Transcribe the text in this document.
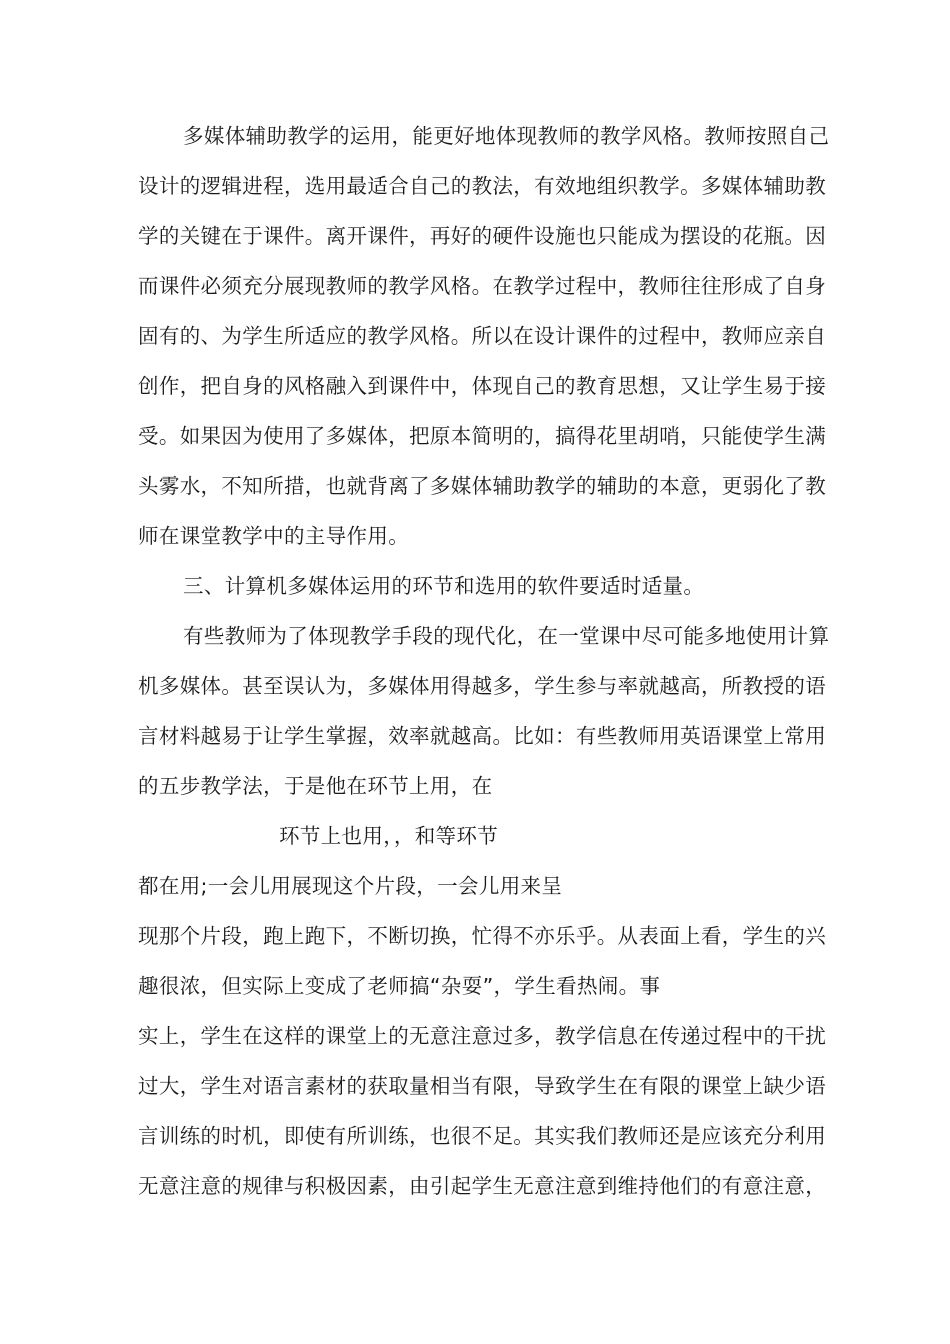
多媒体辅助教学的运用，能更好地体现教师的教学风格。教师按照自己
设计的逻辑进程，选用最适合自己的教法，有效地组织教学。多媒体辅助教
学的关键在于课件。离开课件，再好的硬件设施也只能成为摆设的花瓶。因
而课件必须充分展现教师的教学风格。在教学过程中，教师往往形成了自身
固有的、为学生所适应的教学风格。所以在设计课件的过程中，教师应亲自
创作，把自身的风格融入到课件中，体现自己的教育思想，又让学生易于接
受。如果因为使用了多媒体，把原本简明的，搞得花里胡哨，只能使学生满
头雾水，不知所措，也就背离了多媒体辅助教学的辅助的本意，更弱化了教
师在课堂教学中的主导作用。
三、计算机多媒体运用的环节和选用的软件要适时适量。
有些教师为了体现教学手段的现代化，在一堂课中尽可能多地使用计算
机多媒体。甚至误认为，多媒体用得越多，学生参与率就越高，所教授的语
言材料越易于让学生掌握，效率就越高。比如：有些教师用英语课堂上常用
的五步教学法，于是他在环节上用，在
环节上也用，，和等环节
都在用;一会儿用展现这个片段，一会儿用来呈
现那个片段，跑上跑下，不断切换，忙得不亦乐乎。从表面上看，学生的兴
趣很浓，但实际上变成了老师搞“杂耍”，学生看热闹。事
实上，学生在这样的课堂上的无意注意过多，教学信息在传递过程中的干扰
过大，学生对语言素材的获取量相当有限，导致学生在有限的课堂上缺少语
言训练的时机，即使有所训练，也很不足。其实我们教师还是应该充分利用
无意注意的规律与积极因素，由引起学生无意注意到维持他们的有意注意，
